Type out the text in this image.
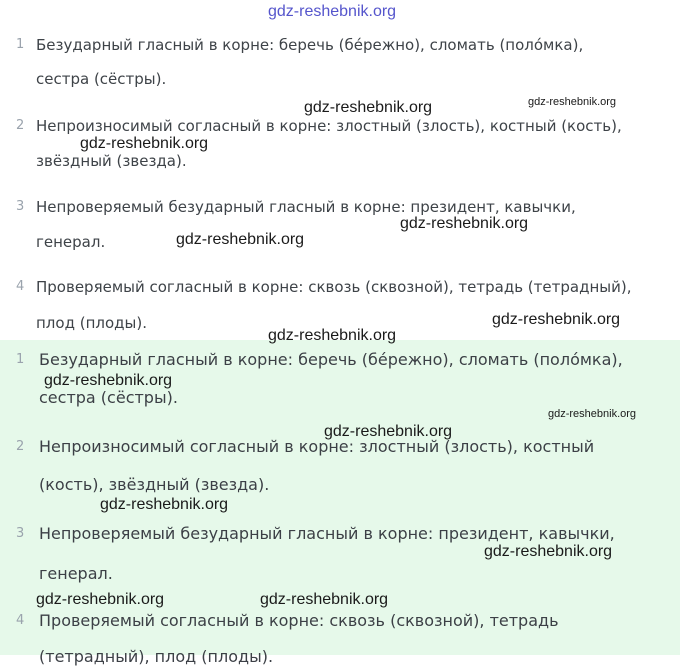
1 Безударный гласный в корне: беречь (бе́режно), сломать (поло́мка),
сестра (сёстры).
2 Непроизносимый согласный в корне: злостный (злость), костный (кость),
звёздный (звезда).
3 Непроверяемый безударный гласный в корне: президент, кавычки,
генерал.
4 Проверяемый согласный в корне: сквозь (сквозной), тетрадь (тетрадный),
плод (плоды).
1 Безударный гласный в корне: беречь (бе́режно), сломать (поло́мка),
сестра (сёстры).
2 Непроизносимый согласный в корне: злостный (злость), костный
(кость), звёздный (звезда).
3 Непроверяемый безударный гласный в корне: президент, кавычки,
генерал.
4 Проверяемый согласный в корне: сквозь (сквозной), тетрадь
(тетрадный), плод (плоды).
gdz-reshebnik.org
gdz-reshebnik.org	gdz-reshebnik.org
gdz-reshebnik.org
gdz-reshebnik.org
gdz-reshebnik.org
gdz-reshebnik.org
gdz-reshebnik.org
gdz-reshebnik.org
gdz-reshebnik.org
gdz-reshebnik.org
gdz-reshebnik.org
gdz-reshebnik.org
gdz-reshebnik.org	gdz-reshebnik.org
